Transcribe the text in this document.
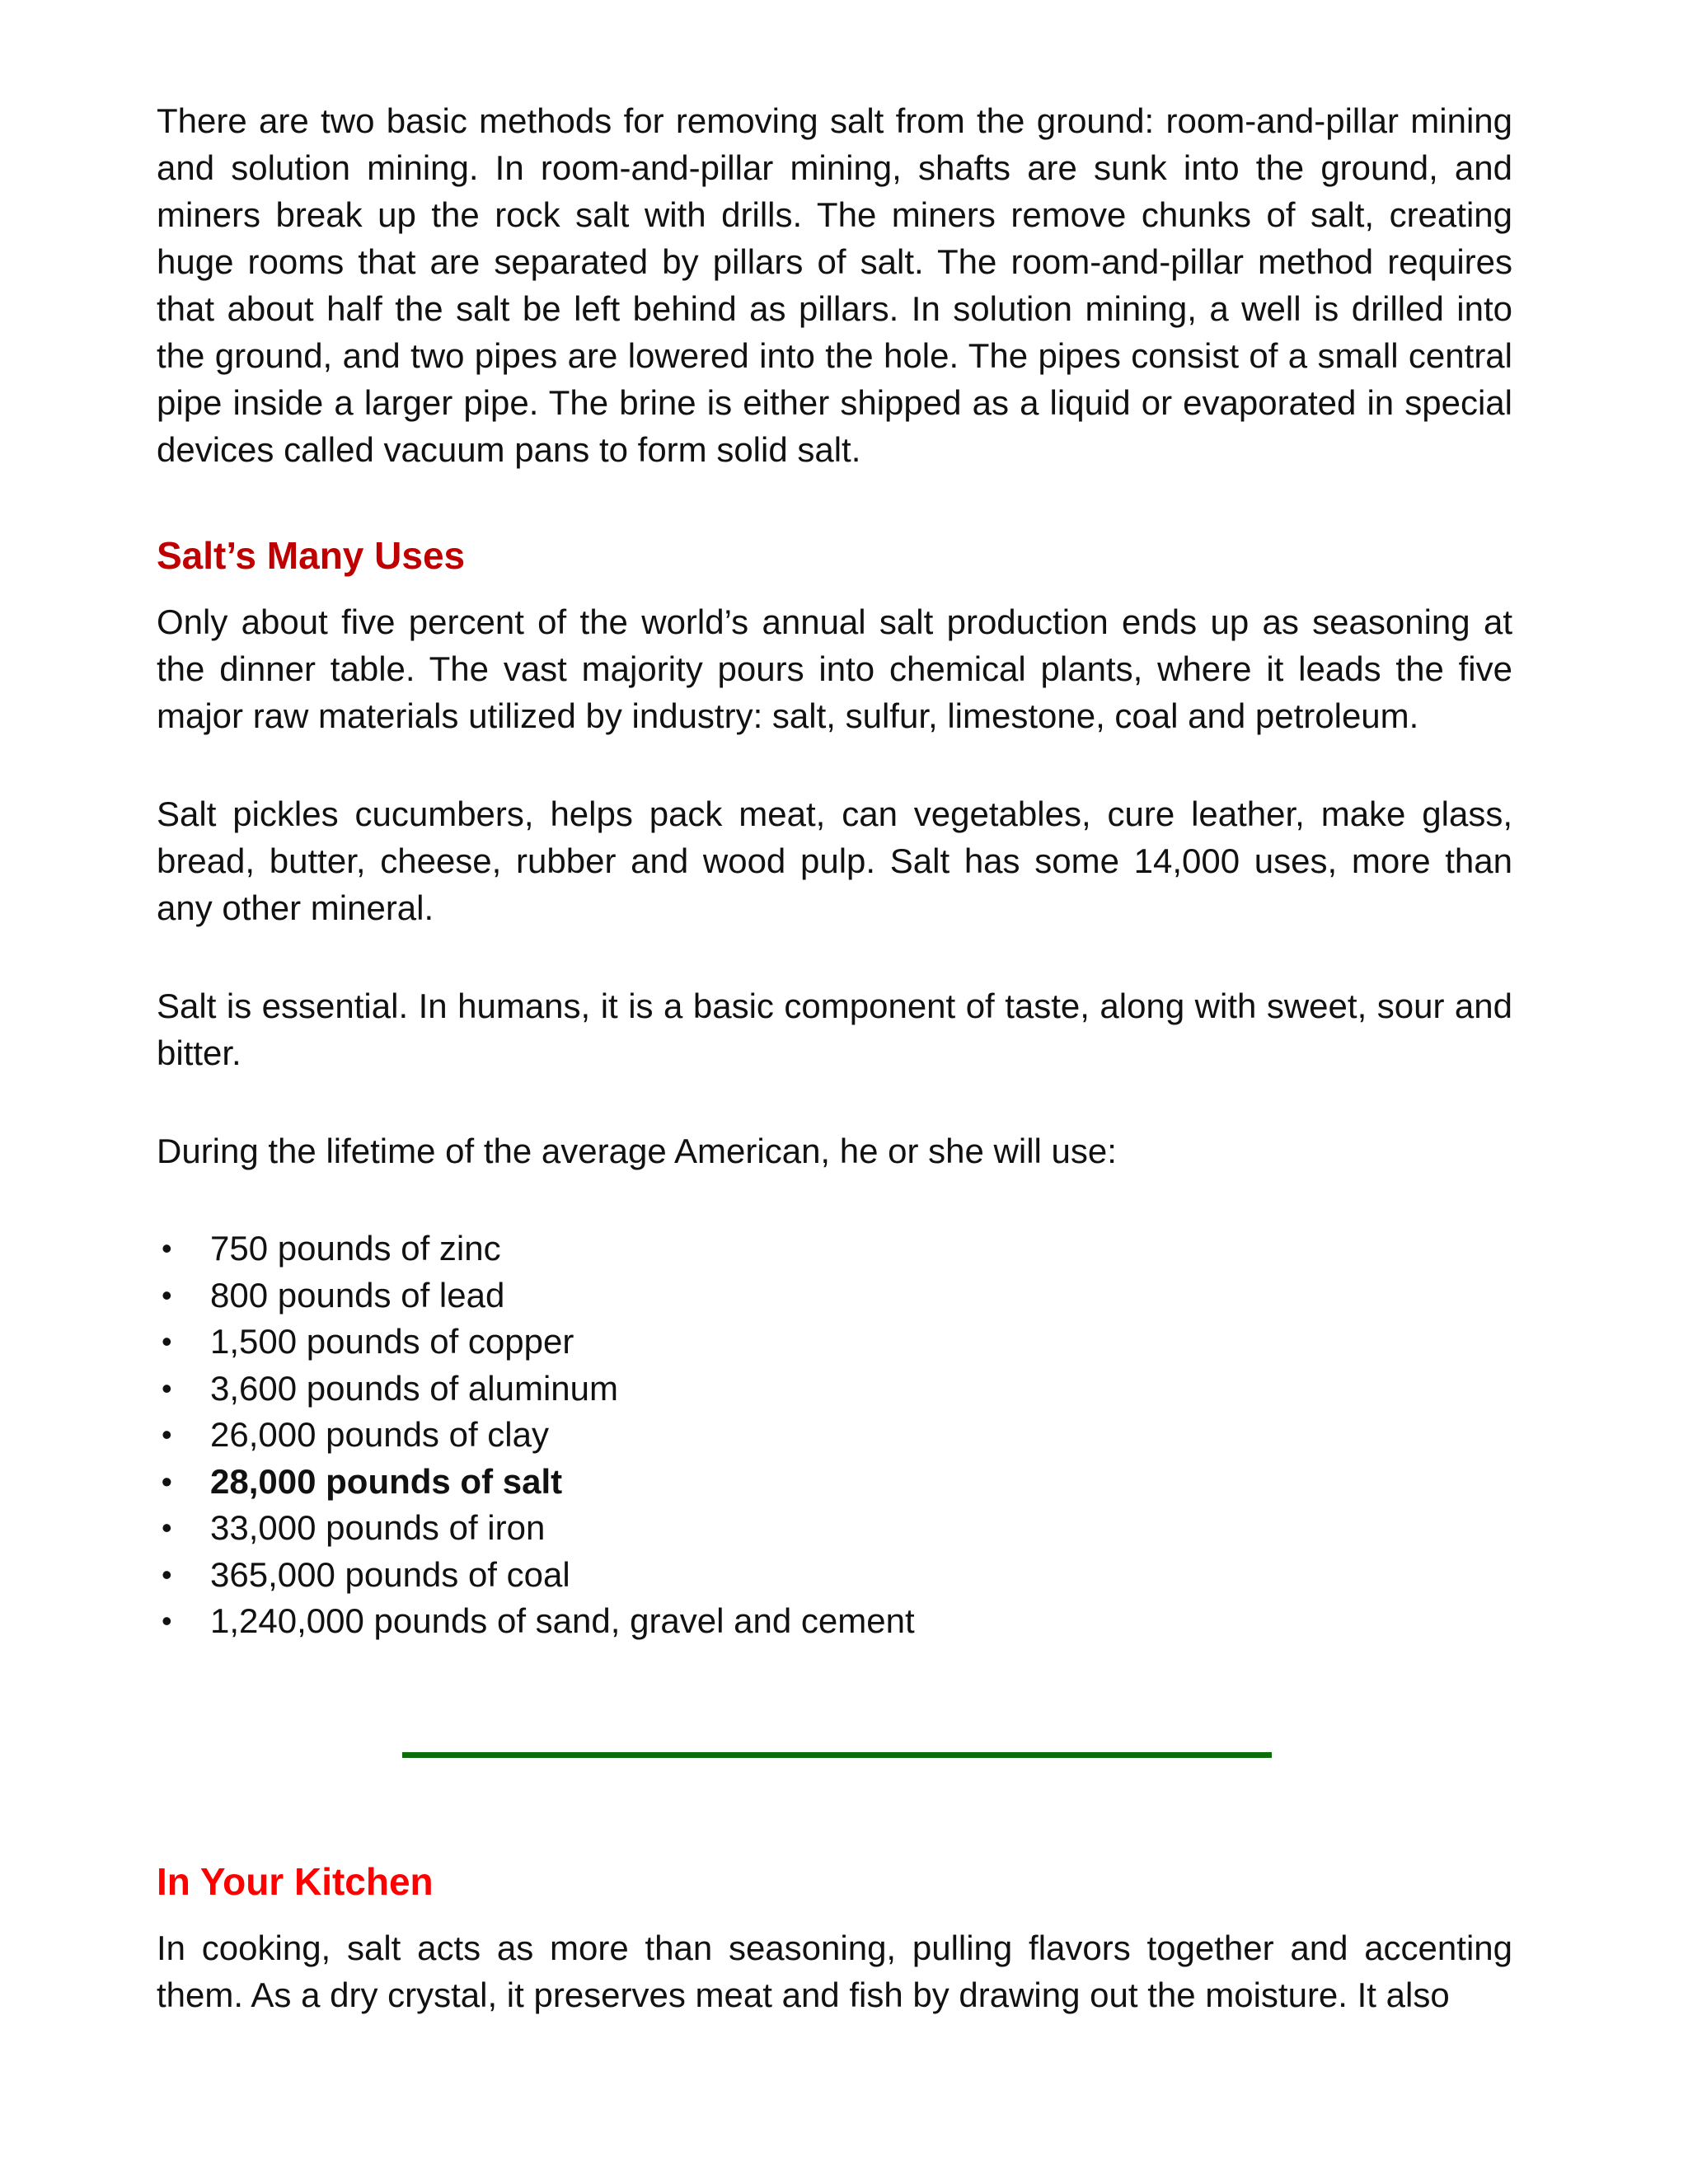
There are two basic methods for removing salt from the ground: room-and-pillar mining and solution mining. In room-and-pillar mining, shafts are sunk into the ground, and miners break up the rock salt with drills. The miners remove chunks of salt, creating huge rooms that are separated by pillars of salt. The room-and-pillar method requires that about half the salt be left behind as pillars. In solution mining, a well is drilled into the ground, and two pipes are lowered into the hole. The pipes consist of a small central pipe inside a larger pipe. The brine is either shipped as a liquid or evaporated in special devices called vacuum pans to form solid salt.

Salt’s Many Uses

Only about five percent of the world’s annual salt production ends up as seasoning at the dinner table. The vast majority pours into chemical plants, where it leads the five major raw materials utilized by industry: salt, sulfur, limestone, coal and petroleum.

Salt pickles cucumbers, helps pack meat, can vegetables, cure leather, make glass, bread, butter, cheese, rubber and wood pulp. Salt has some 14,000 uses, more than any other mineral.

Salt is essential. In humans, it is a basic component of taste, along with sweet, sour and bitter.

During the lifetime of the average American, he or she will use:

• 750 pounds of zinc
• 800 pounds of lead
• 1,500 pounds of copper
• 3,600 pounds of aluminum
• 26,000 pounds of clay
• 28,000 pounds of salt
• 33,000 pounds of iron
• 365,000 pounds of coal
• 1,240,000 pounds of sand, gravel and cement
In Your Kitchen

In cooking, salt acts as more than seasoning, pulling flavors together and accenting them. As a dry crystal, it preserves meat and fish by drawing out the moisture. It also
